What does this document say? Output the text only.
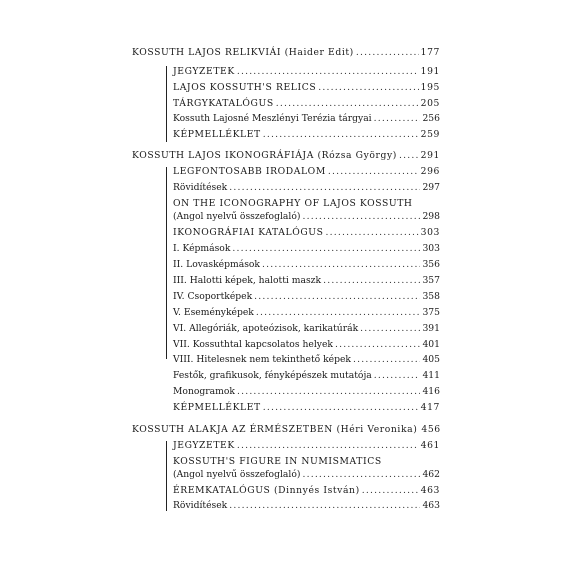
KOSSUTH LAJOS RELIKVIÁI (Haider Edit) .....	177
JEGYZETEK .....	191
LAJOS KOSSUTH'S RELICS .....	195
TÁRGYKATALÓGUS .....	205
Kossuth Lajosné Meszlényi Terézia tárgyai .....	256
KÉPMELLÉKLET .....	259
KOSSUTH LAJOS IKONOGRÁFIÁJA (Rózsa György) .....	291
LEGFONTOSABB IRODALOM .....	296
Rövidítések .....	297
ON THE ICONOGRAPHY OF LAJOS KOSSUTH
(Angol nyelvű összefoglaló) .....	298
IKONOGRÁFIAI KATALÓGUS .....	303
I. Képmások .....	303
II. Lovasképmások .....	356
III. Halotti képek, halotti maszk .....	357
IV. Csoportképek .....	358
V. Eseményképek .....	375
VI. Allegóriák, apoteózisok, karikatúrák .....	391
VII. Kossuthtal kapcsolatos helyek .....	401
VIII. Hitelesnek nem tekinthető képek .....	405
Festők, grafikusok, fényképészek mutatója .....	411
Monogramok .....	416
KÉPMELLÉKLET .....	417
KOSSUTH ALAKJA AZ ÉRMÉSZETBEN (Héri Veronika) 456
JEGYZETEK .....	461
KOSSUTH'S FIGURE IN NUMISMATICS
(Angol nyelvű összefoglaló) .....	462
ÉREMKATALÓGUS (Dinnyés István) .....	463
Rövidítések .....	463
